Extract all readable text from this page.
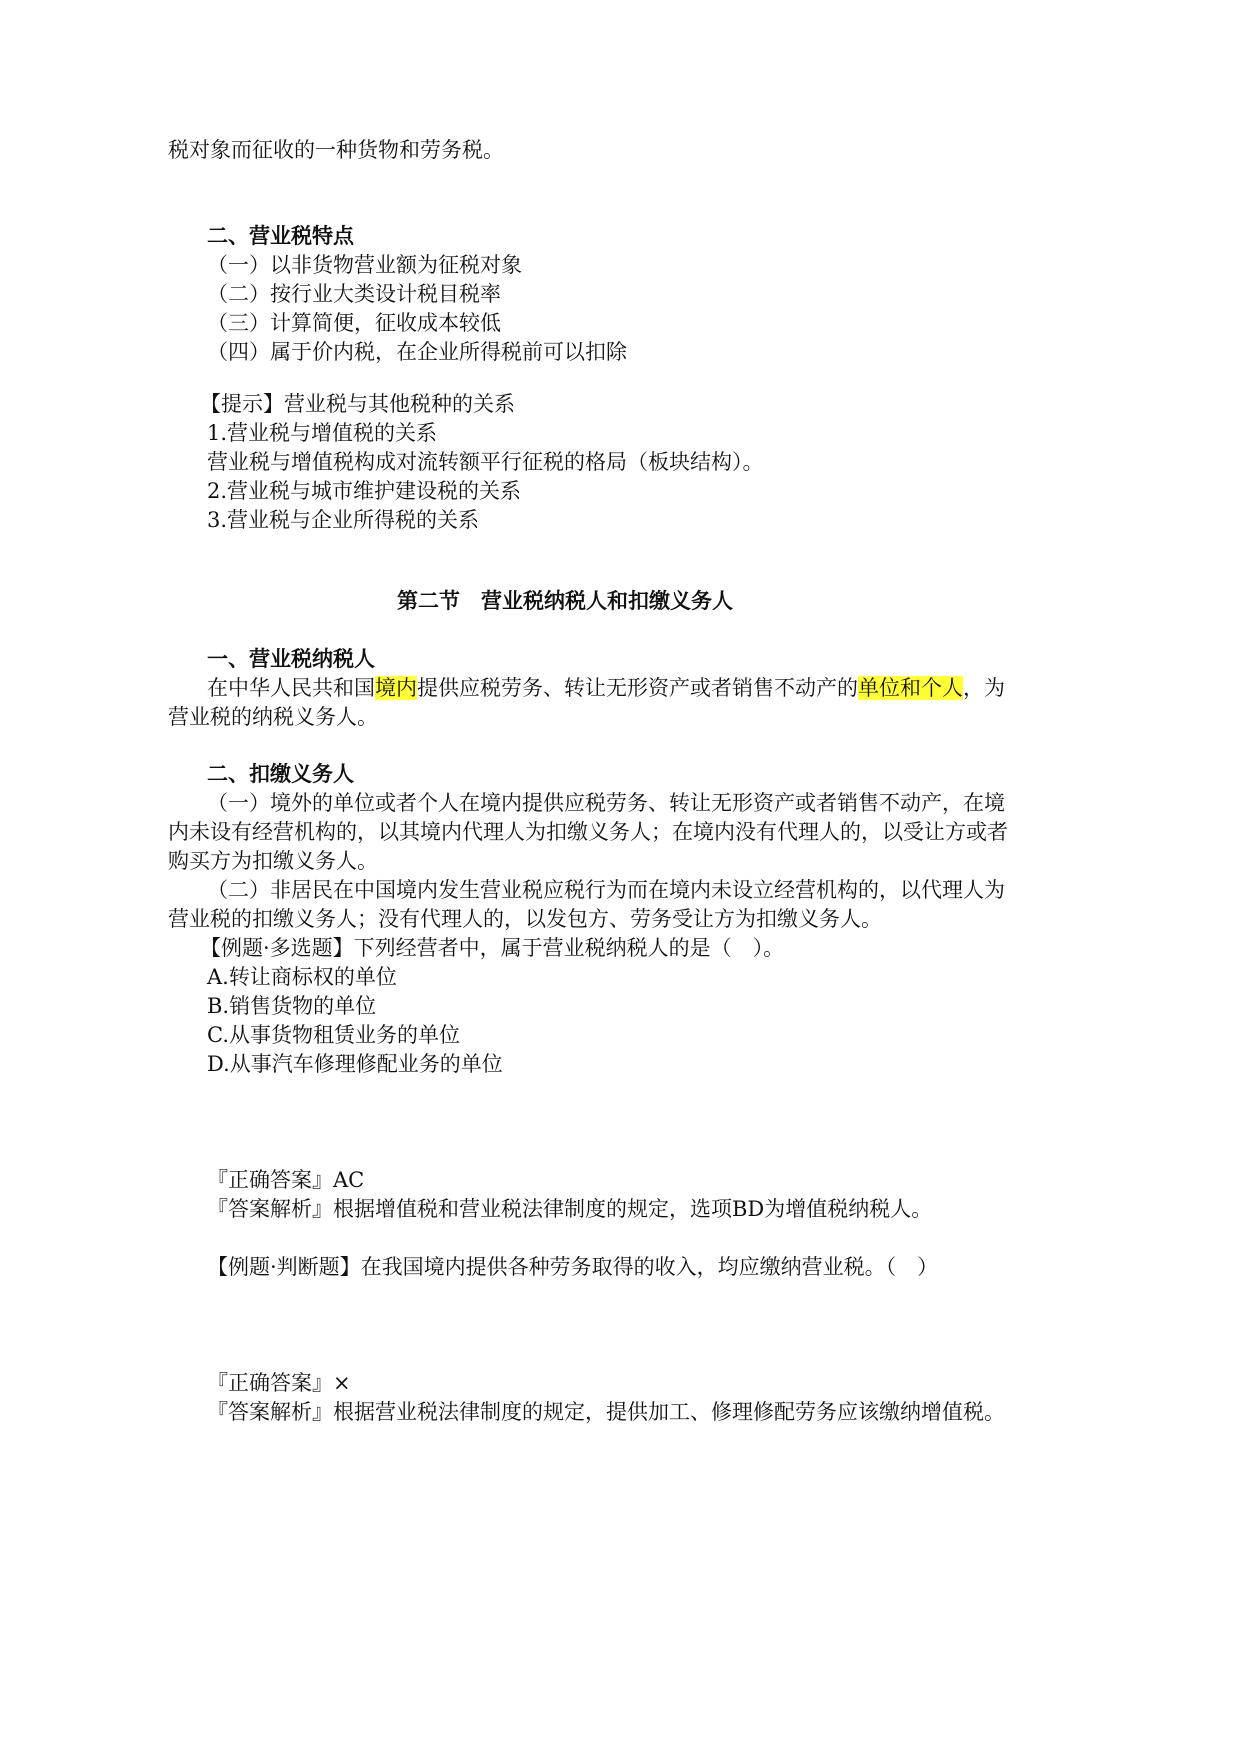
税对象而征收的一种货物和劳务税。
二、营业税特点
（一）以非货物营业额为征税对象
（二）按行业大类设计税目税率
（三）计算简便，征收成本较低
（四）属于价内税，在企业所得税前可以扣除
【提示】营业税与其他税种的关系
1.营业税与增值税的关系
营业税与增值税构成对流转额平行征税的格局（板块结构）。
2.营业税与城市维护建设税的关系
3.营业税与企业所得税的关系
第二节　营业税纳税人和扣缴义务人
一、营业税纳税人
在中华人民共和国境内提供应税劳务、转让无形资产或者销售不动产的单位和个人，为
营业税的纳税义务人。
二、扣缴义务人
（一）境外的单位或者个人在境内提供应税劳务、转让无形资产或者销售不动产，在境
内未设有经营机构的，以其境内代理人为扣缴义务人；在境内没有代理人的，以受让方或者
购买方为扣缴义务人。
（二）非居民在中国境内发生营业税应税行为而在境内未设立经营机构的，以代理人为
营业税的扣缴义务人；没有代理人的，以发包方、劳务受让方为扣缴义务人。
【例题·多选题】下列经营者中，属于营业税纳税人的是（　）。
A.转让商标权的单位
B.销售货物的单位
C.从事货物租赁业务的单位
D.从事汽车修理修配业务的单位
『正确答案』AC
『答案解析』根据增值税和营业税法律制度的规定，选项BD为增值税纳税人。
【例题·判断题】在我国境内提供各种劳务取得的收入，均应缴纳营业税。（　）
『正确答案』×
『答案解析』根据营业税法律制度的规定，提供加工、修理修配劳务应该缴纳增值税。
